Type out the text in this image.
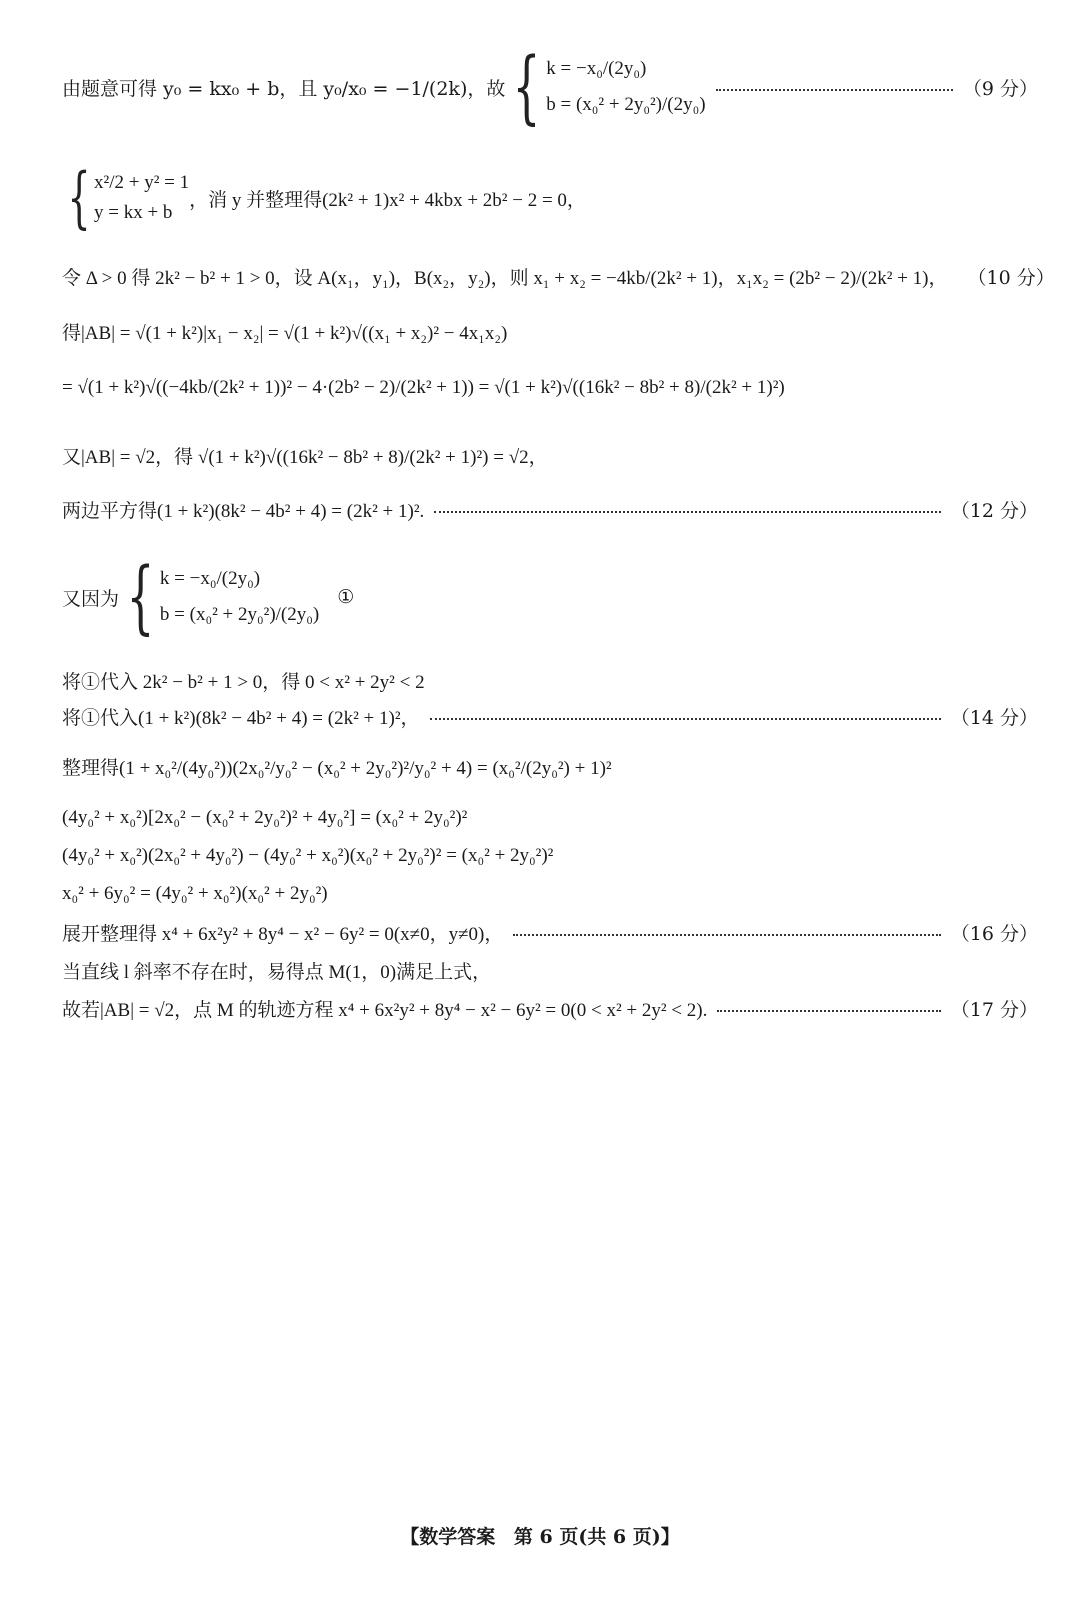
由题意可得 y₀ = kx₀ + b，且 y₀/x₀ = −1/(2k)，故 { k = −x₀/(2y₀)
b = (x₀² + 2y₀²)/(2y₀)
（9 分）
{ x²/2 + y² = 1
y = kx + b
，消 y 并整理得(2k² + 1)x² + 4kbx + 2b² − 2 = 0，
令 Δ > 0 得 2k² − b² + 1 > 0，设 A(x₁，y₁)，B(x₂，y₂)，则 x₁ + x₂ = −4kb/(2k² + 1)，x₁x₂ = (2b² − 2)/(2k² + 1)， （10 分）
得|AB| = √(1 + k²)|x₁ − x₂| = √(1 + k²)√((x₁ + x₂)² − 4x₁x₂)
= √(1 + k²)√((−4kb/(2k² + 1))² − 4·(2b² − 2)/(2k² + 1)) = √(1 + k²)√((16k² − 8b² + 8)/(2k² + 1)²)
又|AB| = √2，得 √(1 + k²)√((16k² − 8b² + 8)/(2k² + 1)²) = √2，
两边平方得(1 + k²)(8k² − 4b² + 4) = (2k² + 1)².	（12 分）
又因为 { k = −x₀/(2y₀)
b = (x₀² + 2y₀²)/(2y₀)
①
将①代入 2k² − b² + 1 > 0，得 0 < x² + 2y² < 2
将①代入(1 + k²)(8k² − 4b² + 4) = (2k² + 1)²，	（14 分）
整理得(1 + x₀²/(4y₀²))(2x₀²/y₀² − (x₀² + 2y₀²)²/y₀² + 4) = (x₀²/(2y₀²) + 1)²
(4y₀² + x₀²)[2x₀² − (x₀² + 2y₀²)² + 4y₀²] = (x₀² + 2y₀²)²
(4y₀² + x₀²)(2x₀² + 4y₀²) − (4y₀² + x₀²)(x₀² + 2y₀²)² = (x₀² + 2y₀²)²
x₀² + 6y₀² = (4y₀² + x₀²)(x₀² + 2y₀²)
展开整理得 x⁴ + 6x²y² + 8y⁴ − x² − 6y² = 0(x≠0，y≠0)，	（16 分）
当直线 l 斜率不存在时，易得点 M(1，0)满足上式，
故若|AB| = √2，点 M 的轨迹方程 x⁴ + 6x²y² + 8y⁴ − x² − 6y² = 0(0 < x² + 2y² < 2).	（17 分）
【数学答案 第 6 页(共 6 页)】
